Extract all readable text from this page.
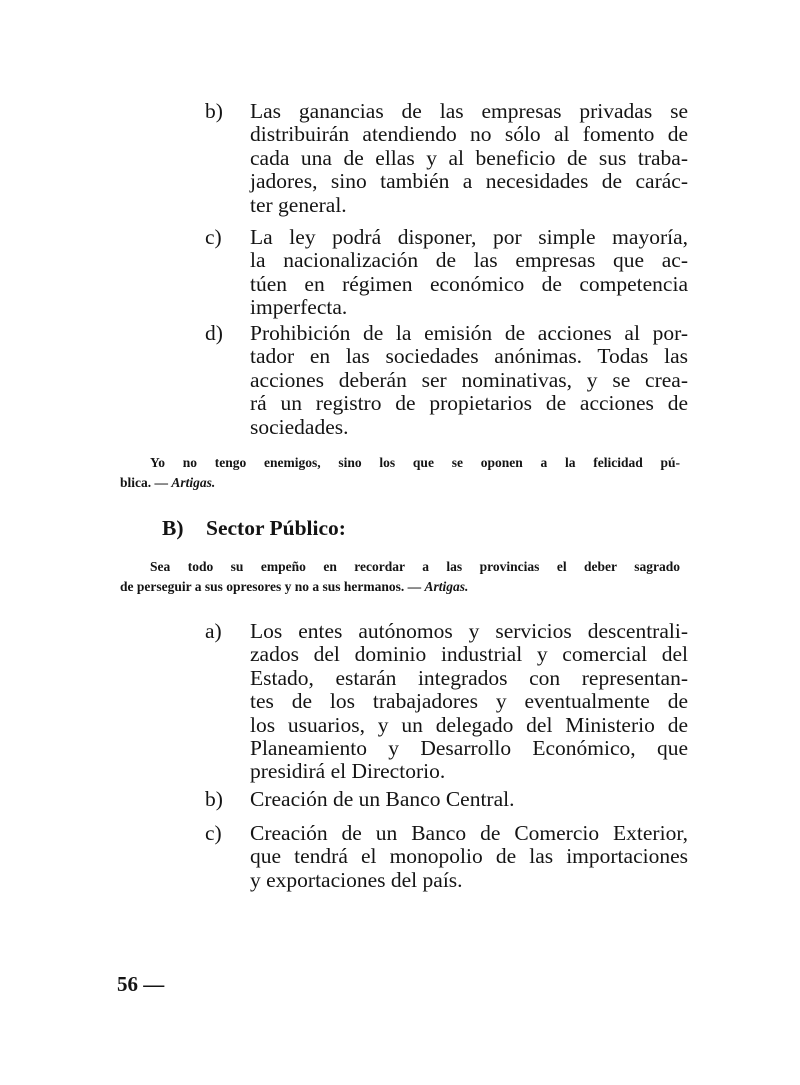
b) Las ganancias de las empresas privadas se
distribuirán atendiendo no sólo al fomento de
cada una de ellas y al beneficio de sus traba-
jadores, sino también a necesidades de carác-
ter general.
c) La ley podrá disponer, por simple mayoría,
la nacionalización de las empresas que ac-
túen en régimen económico de competencia
imperfecta.
d) Prohibición de la emisión de acciones al por-
tador en las sociedades anónimas. Todas las
acciones deberán ser nominativas, y se crea-
rá un registro de propietarios de acciones de
sociedades.
Yo no tengo enemigos, sino los que se oponen a la felicidad pú-
blica. — Artigas.
B) Sector Público:
Sea todo su empeño en recordar a las provincias el deber sagrado
de perseguir a sus opresores y no a sus hermanos. — Artigas.
a) Los entes autónomos y servicios descentrali-
zados del dominio industrial y comercial del
Estado, estarán integrados con representan-
tes de los trabajadores y eventualmente de
los usuarios, y un delegado del Ministerio de
Planeamiento y Desarrollo Económico, que
presidirá el Directorio.
b) Creación de un Banco Central.
c) Creación de un Banco de Comercio Exterior,
que tendrá el monopolio de las importaciones
y exportaciones del país.
56 —
